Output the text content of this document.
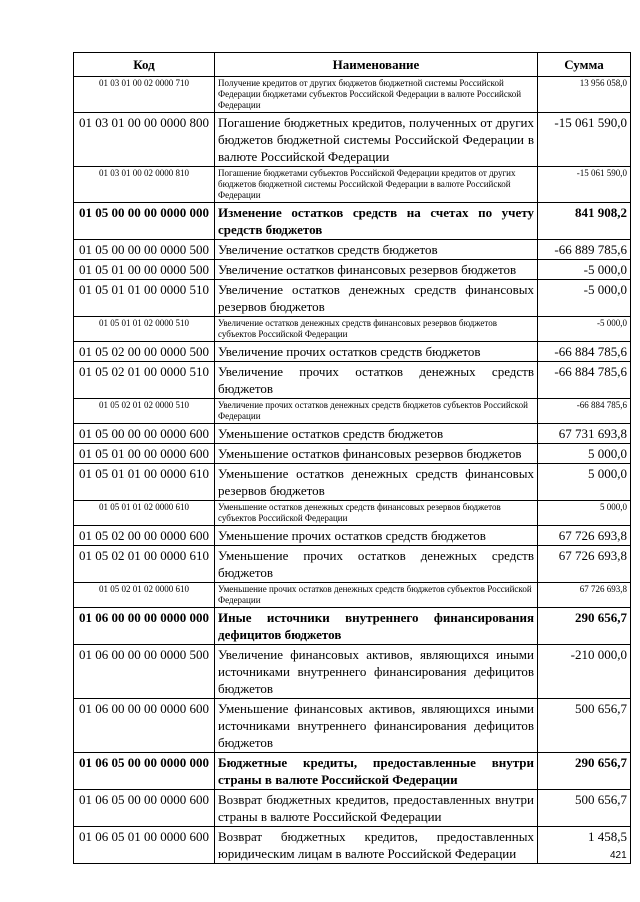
Код	Наименование	Сумма
01 03 01 00 02 0000 710	Получение кредитов от других бюджетов бюджетной системы Российской Федерации бюджетами субъектов Российской Федерации в валюте Российской Федерации	13 956 058,0
01 03 01 00 00 0000 800	Погашение бюджетных кредитов, полученных от других бюджетов бюджетной системы Российской Федерации в валюте Российской Федерации	-15 061 590,0
01 03 01 00 02 0000 810	Погашение бюджетами субъектов Российской Федерации кредитов от других бюджетов бюджетной системы Российской Федерации в валюте Российской Федерации	-15 061 590,0
01 05 00 00 00 0000 000	Изменение остатков средств на счетах по учету средств бюджетов	841 908,2
01 05 00 00 00 0000 500	Увеличение остатков средств бюджетов	-66 889 785,6
01 05 01 00 00 0000 500	Увеличение остатков финансовых резервов бюджетов	-5 000,0
01 05 01 01 00 0000 510	Увеличение остатков денежных средств финансовых резервов бюджетов	-5 000,0
01 05 01 01 02 0000 510	Увеличение остатков денежных средств финансовых резервов бюджетов субъектов Российской Федерации	-5 000,0
01 05 02 00 00 0000 500	Увеличение прочих остатков средств бюджетов	-66 884 785,6
01 05 02 01 00 0000 510	Увеличение прочих остатков денежных средств бюджетов	-66 884 785,6
01 05 02 01 02 0000 510	Увеличение прочих остатков денежных средств бюджетов субъектов Российской Федерации	-66 884 785,6
01 05 00 00 00 0000 600	Уменьшение остатков средств бюджетов	67 731 693,8
01 05 01 00 00 0000 600	Уменьшение остатков финансовых резервов бюджетов	5 000,0
01 05 01 01 00 0000 610	Уменьшение остатков денежных средств финансовых резервов бюджетов	5 000,0
01 05 01 01 02 0000 610	Уменьшение остатков денежных средств финансовых резервов бюджетов субъектов Российской Федерации	5 000,0
01 05 02 00 00 0000 600	Уменьшение прочих остатков средств бюджетов	67 726 693,8
01 05 02 01 00 0000 610	Уменьшение прочих остатков денежных средств бюджетов	67 726 693,8
01 05 02 01 02 0000 610	Уменьшение прочих остатков денежных средств бюджетов субъектов Российской Федерации	67 726 693,8
01 06 00 00 00 0000 000	Иные источники внутреннего финансирования дефицитов бюджетов	290 656,7
01 06 00 00 00 0000 500	Увеличение финансовых активов, являющихся иными источниками внутреннего финансирования дефицитов бюджетов	-210 000,0
01 06 00 00 00 0000 600	Уменьшение финансовых активов, являющихся иными источниками внутреннего финансирования дефицитов бюджетов	500 656,7
01 06 05 00 00 0000 000	Бюджетные кредиты, предоставленные внутри страны в валюте Российской Федерации	290 656,7
01 06 05 00 00 0000 600	Возврат бюджетных кредитов, предоставленных внутри страны в валюте Российской Федерации	500 656,7
01 06 05 01 00 0000 600	Возврат бюджетных кредитов, предоставленных юридическим лицам в валюте Российской Федерации	1 458,5
421
